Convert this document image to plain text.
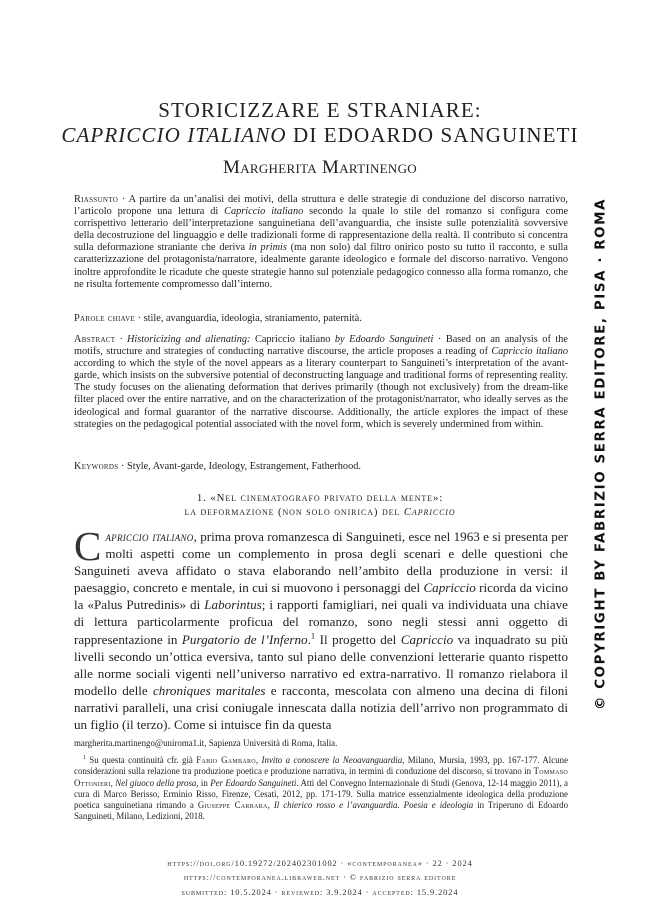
STORICIZZARE E STRANIARE:
CAPRICCIO ITALIANO DI EDOARDO SANGUINETI
Margherita Martinengo
Riassunto · A partire da un’analisi dei motivi, della struttura e delle strategie di conduzione del discorso narrativo, l’articolo propone una lettura di Capriccio italiano secondo la quale lo stile del romanzo si configura come corrispettivo letterario dell’interpretazione sanguinetiana dell’avanguardia, che insiste sulle potenzialità sovversive della decostruzione del linguaggio e delle tradizionali forme di rappresentazione della realtà. Il contributo si concentra sulla deformazione straniante che deriva in primis (ma non solo) dal filtro onirico posto su tutto il racconto, e sulla caratterizzazione del protagonista/narratore, idealmente garante ideologico e formale del discorso narrativo. Vengono inoltre approfondite le ricadute che queste strategie hanno sul potenziale pedagogico connesso alla forma romanzo, che ne risulta fortemente compromesso dall’interno.
Parole chiave · stile, avanguardia, ideologia, straniamento, paternità.
Abstract · Historicizing and alienating: Capriccio italiano by Edoardo Sanguineti · Based on an analysis of the motifs, structure and strategies of conducting narrative discourse, the article proposes a reading of Capriccio italiano according to which the style of the novel appears as a literary counterpart to Sanguineti’s interpretation of the avant-garde, which insists on the subversive potential of deconstructing language and traditional forms of representing reality. The study focuses on the alienating deformation that derives primarily (though not exclusively) from the dream-like filter placed over the entire narrative, and on the characterization of the protagonist/narrator, who ideally serves as the ideological and formal guarantor of the narrative discourse. Additionally, the article explores the impact of these strategies on the pedagogical potential associated with the novel form, which is severely undermined from within.
Keywords · Style, Avant-garde, Ideology, Estrangement, Fatherhood.
1. «Nel cinematografo privato della mente»:
la deformazione (non solo onirica) del Capriccio
Capriccio italiano, prima prova romanzesca di Sanguineti, esce nel 1963 e si presenta per molti aspetti come un complemento in prosa degli scenari e delle questioni che Sanguineti aveva affidato o stava elaborando nell’ambito della produzione in versi: il paesaggio, concreto e mentale, in cui si muovono i personaggi del Capriccio ricorda da vicino la «Palus Putredinis» di Laborintus; i rapporti famigliari, nei quali va individuata una chiave di lettura particolarmente proficua del romanzo, sono negli stessi anni oggetto di rappresentazione in Purgatorio de l’Inferno.$^1$ Il progetto del Capriccio va inquadrato su più livelli secondo un’ottica eversiva, tanto sul piano delle convenzioni letterarie quanto rispetto alle norme sociali vigenti nell’universo narrativo ed extra-narrativo. Il romanzo rielabora il modello delle chroniques maritales e racconta, mescolata con almeno una decina di filoni narrativi paralleli, una crisi coniugale innescata dalla notizia dell’arrivo non programmato di un figlio (il terzo). Come si intuisce fin da questa

margherita.martinengo@uniroma1.it, Sapienza Università di Roma, Italia.

$^1$ Su questa continuità cfr. già Fabio Gambaro, Invito a conoscere la Neoavanguardia, Milano, Mursia, 1993, pp. 167-177. Alcune considerazioni sulla relazione tra produzione poetica e produzione narrativa, in termini di conduzione del discorso, si trovano in Tommaso Ottonieri, Nel giuoco della prosa, in Per Edoardo Sanguineti. Atti del Convegno Internazionale di Studi (Genova, 12-14 maggio 2011), a cura di Marco Berisso, Erminio Risso, Firenze, Cesati, 2012, pp. 171-179. Sulla matrice essenzialmente ideologica della produzione poetica sanguinetiana rimando a Giuseppe Carrara, Il chierico rosso e l’avanguardia. Poesia e ideologia in Triperuno di Edoardo Sanguineti, Milano, Ledizioni, 2018.

https://doi.org/10.19272/202402301002 · «contemporanea» · 22 · 2024
https://contemporanea.libraweb.net · © fabrizio serra editore
submitted: 10.5.2024 · reviewed: 3.9.2024 · accepted: 15.9.2024
© COPYRIGHT BY FABRIZIO SERRA EDITORE, PISA · ROMA
